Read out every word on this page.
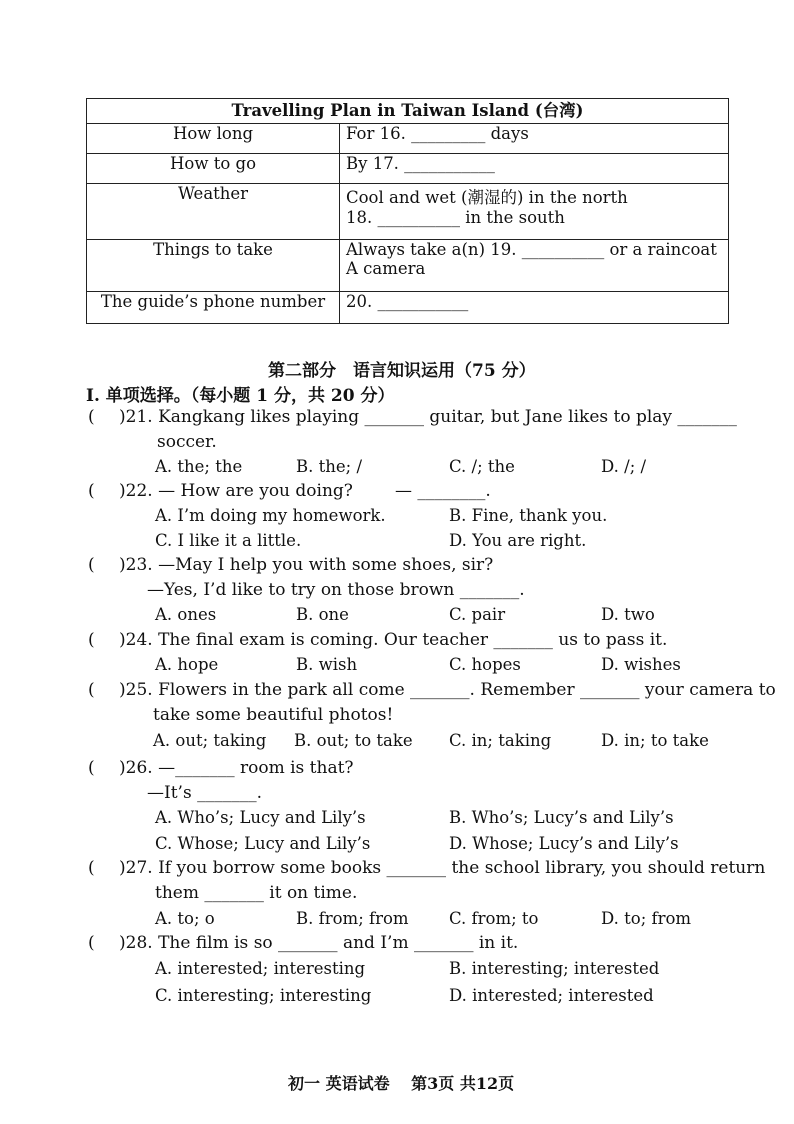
Travelling Plan in Taiwan Island (台湾)	
How long	For 16. _________ days

How to go	By 17. ___________

Weather	Cool and wet (潮湿的) in the north
18. __________ in the south

Things to take	Always take a(n) 19. __________ or a raincoat
A camera

The guide’s phone number	20. ___________
第二部分　语言知识运用（75 分）
I. 单项选择。（每小题 1 分，共 20 分）
( )21. Kangkang likes playing _______ guitar, but Jane likes to play _______
soccer.
A. the; the	B. the; /	C. /; the	D. /; /
( )22. — How are you doing? — ________.
A. I’m doing my homework.	B. Fine, thank you.
C. I like it a little.	D. You are right.
( )23. —May I help you with some shoes, sir?
—Yes, I’d like to try on those brown _______.
A. ones	B. one	C. pair	D. two
( )24. The final exam is coming. Our teacher _______ us to pass it.
A. hope	B. wish	C. hopes	D. wishes
( )25. Flowers in the park all come _______. Remember _______ your camera to
take some beautiful photos!
A. out; taking B. out; to take C. in; taking	D. in; to take
( )26. —_______ room is that?
—It’s _______.
A. Who’s; Lucy and Lily’s	B. Who’s; Lucy’s and Lily’s
C. Whose; Lucy and Lily’s	D. Whose; Lucy’s and Lily’s
( )27. If you borrow some books _______ the school library, you should return
them _______ it on time.
A. to; o	B. from; from C. from; to	D. to; from
( )28. The film is so _______ and I’m _______ in it.
A. interested; interesting	B. interesting; interested
C. interesting; interesting	D. interested; interested
初一 英语试卷　 第3页 共12页
